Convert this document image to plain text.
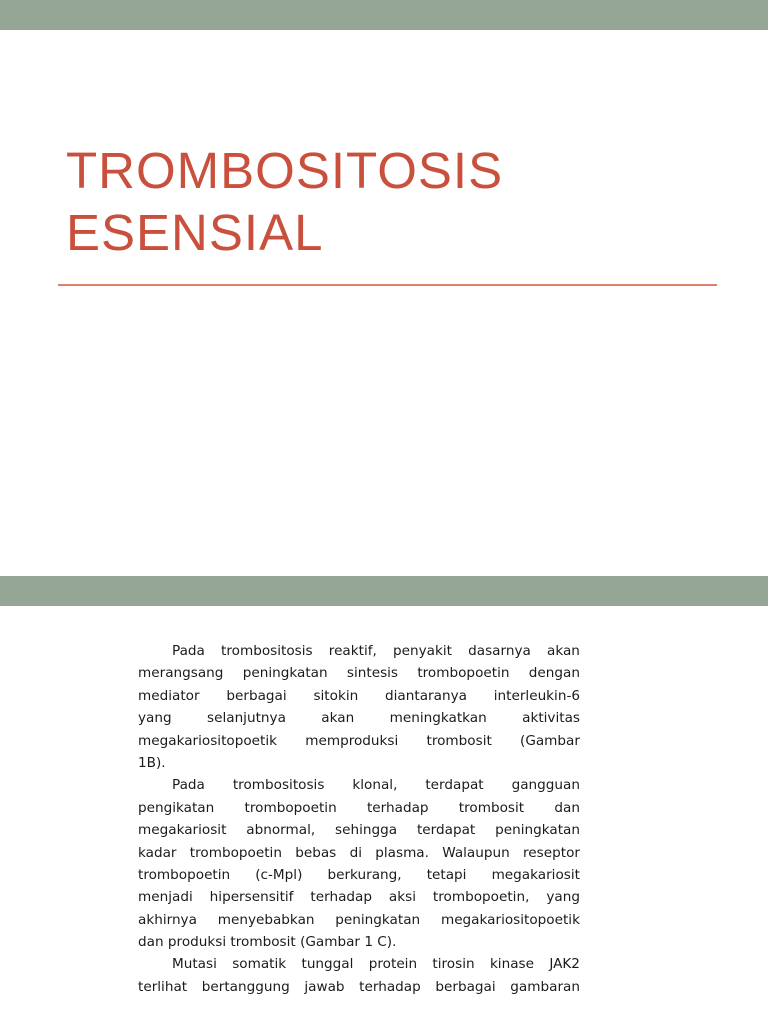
TROMBOSITOSIS
ESENSIAL
Pada trombositosis reaktif, penyakit dasarnya akan
merangsang peningkatan sintesis trombopoetin dengan
mediator berbagai sitokin diantaranya interleukin-6
yang	selanjutnya	akan	meningkatkan	aktivitas
megakariositopoetik memproduksi trombosit (Gambar
1B).
Pada trombositosis klonal, terdapat gangguan
pengikatan trombopoetin terhadap trombosit dan
megakariosit abnormal, sehingga terdapat peningkatan
kadar trombopoetin bebas di plasma. Walaupun reseptor
trombopoetin (c-Mpl) berkurang, tetapi megakariosit
menjadi hipersensitif terhadap aksi trombopoetin, yang
akhirnya menyebabkan peningkatan megakariositopoetik
dan produksi trombosit (Gambar 1 C).
Mutasi somatik tunggal protein tirosin kinase JAK2
terlihat bertanggung jawab terhadap berbagai gambaran
